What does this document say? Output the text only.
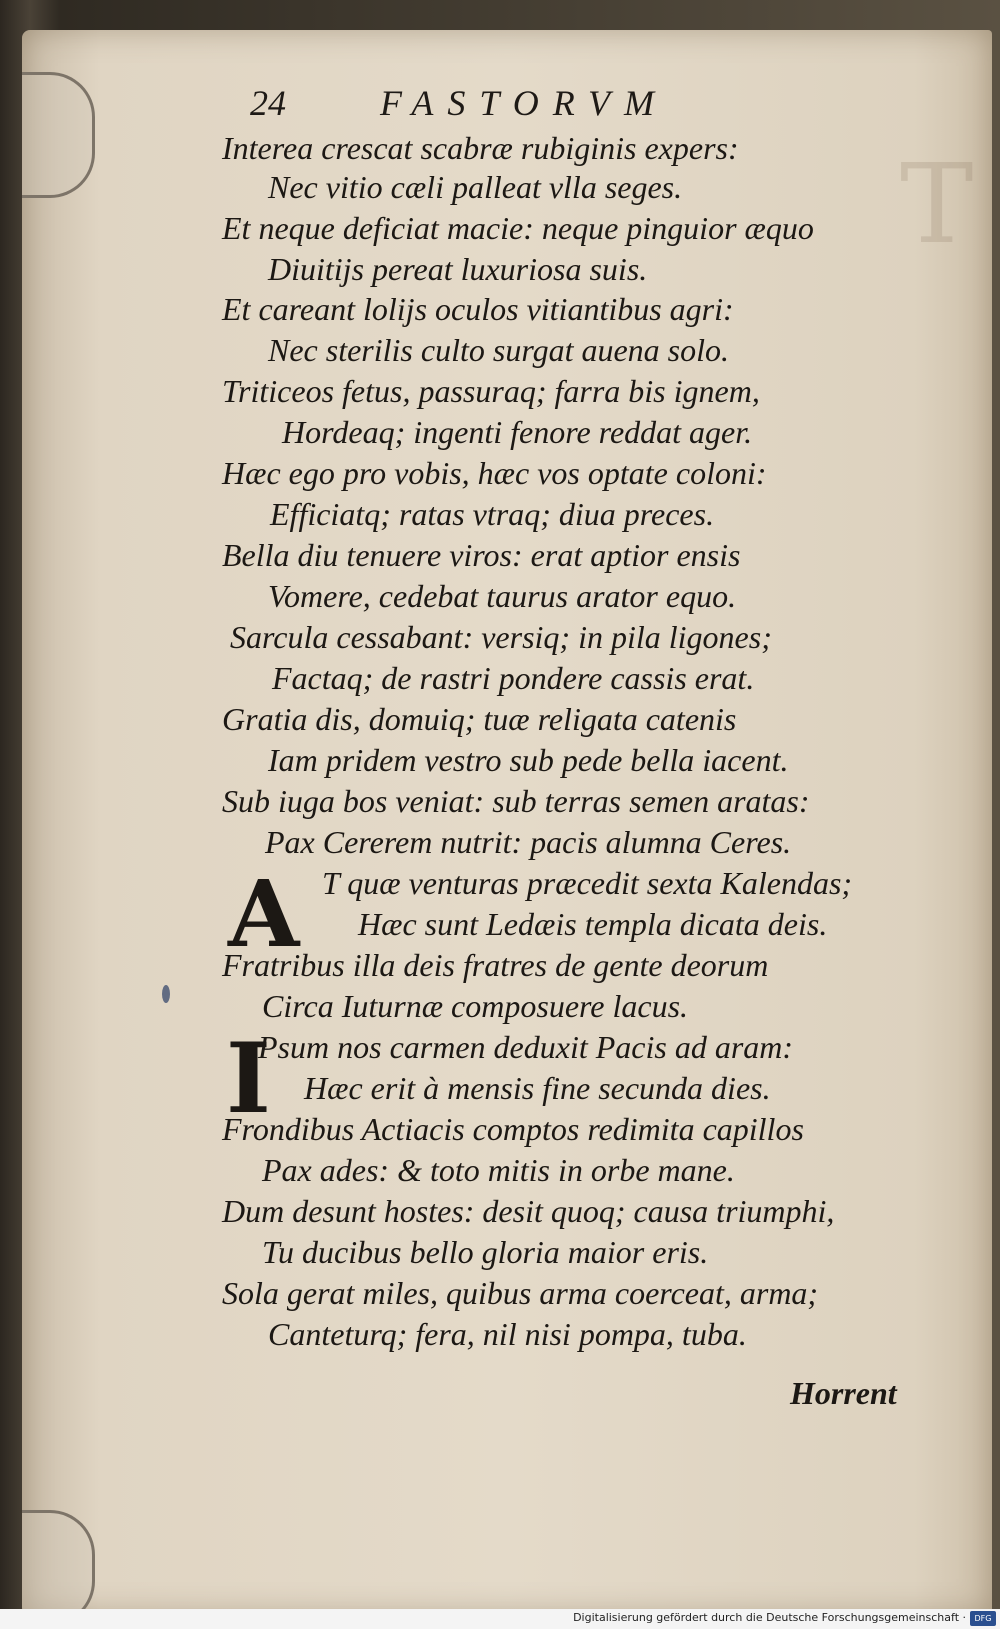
T
24	FASTORVM
Interea crescat scabræ rubiginis expers:
Nec vitio cæli palleat vlla seges.
Et neque deficiat macie: neque pinguior æquo
Diuitijs pereat luxuriosa suis.
Et careant lolijs oculos vitiantibus agri:
Nec sterilis culto surgat auena solo.
Triticeos fetus, passuraq; farra bis ignem,
Hordeaq; ingenti fenore reddat ager.
Hæc ego pro vobis, hæc vos optate coloni:
Efficiatq; ratas vtraq; diua preces.
Bella diu tenuere viros: erat aptior ensis
Vomere, cedebat taurus arator equo.
Sarcula cessabant: versiq; in pila ligones;
Factaq; de rastri pondere cassis erat.
Gratia dis, domuiq; tuæ religata catenis
Iam pridem vestro sub pede bella iacent.
Sub iuga bos veniat: sub terras semen aratas:
Pax Cererem nutrit: pacis alumna Ceres.
A T quæ venturas præcedit sexta Kalendas;
Hæc sunt Ledæis templa dicata deis.
Fratribus illa deis fratres de gente deorum
Circa Iuturnæ composuere lacus.
I
Psum nos carmen deduxit Pacis ad aram:
Hæc erit à mensis fine secunda dies.
Frondibus Actiacis comptos redimita capillos
Pax ades: & toto mitis in orbe mane.
Dum desunt hostes: desit quoq; causa triumphi,
Tu ducibus bello gloria maior eris.
Sola gerat miles, quibus arma coerceat, arma;
Canteturq; fera, nil nisi pompa, tuba.
Horrent
Digitalisierung gefördert durch die Deutsche Forschungsgemeinschaft ·	DFG
